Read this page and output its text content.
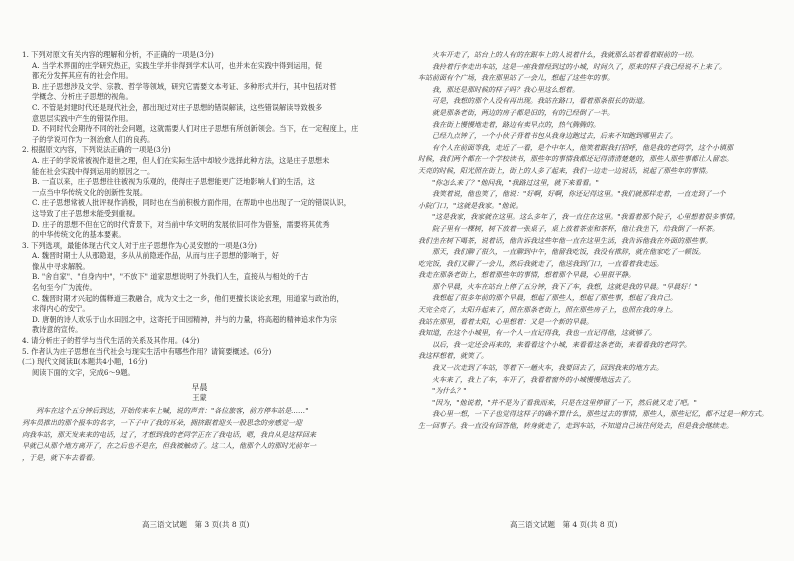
1. 下列对原文有关内容的理解和分析，不正确的一项是(3分)

A. 当学术界面的庄学研究热正，实践生学并非得到学术认可，也并未在实践中得到运用，促

都充分发挥其应有的社会作用。

B. 庄子思想涉及文学、宗教、哲学等领域，研究它需要文本考证、多种形式并行，其中包括对哲

学概念、分析庄子思想的视角。

C. 不管是封建时代还是现代社会，都出现过对庄子思想的错误解读，这些错误解读导致极多

意思层实践中产生的错误作用。

D. 不同时代会期待不同的社会问题，这就需要人们对庄子思想有所创新领会。当下，在一定程度上，庄

子的学说可作为一剂治愈人们的良药。

2. 根据原文内容，下列说法正确的一项是(3分)

A. 庄子的学说常被视作退世之理，但人们在实际生活中却较少选择此种方法，这是庄子思想未

能在社会实践中得到运用的原因之一。

B. 一直以来，庄子思想往往被视为乐观的，使得庄子思想能更广泛地影响人们的生活，这

一点当中华传统文化的创新性发展。

C. 庄子思想常被人批评视作消极，同时也在当前积极方面作用，在帮助中也出现了一定的错误认识，

这导致了庄子思想未能受到重视。

D. 庄子的思想不但在它的时代背景下，对当前中华文明的发展依旧可作为借鉴，需要将其优秀

的中华传统文化的基本要素。

3. 下列选项，最能体现古代文人对于庄子思想作为心灵安慰的一项是(3分)

A. 魏晋时期士人从那隐退，多从从前隐迹作品，从而与庄子思想的影响于，好

像从中寻求解脱。

B. "舍自家"、"自身内中"，"不放下" 道家思想说明了外我们人生，直接从与相处的千古

名句至今广为流传。

C. 魏晋时期才兴起的儒释道三教融合，成为文士之一乡，他们更擅长谈论玄理，用道家与政治的，

求得内心的安宁。

D. 唐朝的诗人欢乐于山水田园之中，这寄托于田园精神，并与的力量，将高超的精神追求作为宗

教诗意的宣传。

4. 请分析庄子的哲学与当代生活的关系及其作用。(4分)

5. 作者认为庄子思想在当代社会与现实生活中有哪些作用？请简要概述。(6分)

(二) 现代文阅读Ⅱ(本题共4小题，16分)

阅读下面的文字，完成6～9题。

早晨

王蒙

列车在这个五分钟后到达，开始传来车上喊，说的声音："各位旅客，前方停车站是……"

列车员推出的那个报车的名字，一下子中了我的耳朵，拥挤跟着迎头一股思念的旁感觉一迎

向我车站，那天发来来的电话，过了，才想到我的老同学正在了我电话，嗯，我自从是这样回来

早就已从那个地方离开了，在之后也不是在，但我被触动了。这二人，他那个人的那时光前年一

，于是，就下车去看看。

火车开走了，站台上的人有的在跟车上的人说着什么，我就那么站着看着眼前的一切。

我拎着行李走出车站，这是一座我曾经到过的小城，时间久了，原来的样子我已经说不上来了。

车站前面有个广场，我在那里站了一会儿，想起了这些年的事。

我，那还是那时候的样子吗？我心里这么想着。

可是，我想的那个人没有再出现。我站在路口，看着那条很长的街道。

就是那条老街，两边的房子都是旧的，有的已经倒了一半。

我在街上慢慢地走着，路边有卖早点的，热气腾腾的。

已经九点钟了，一个小伙子背着书包从我身边跑过去，后来不知跑到哪里去了。

有个人在前面等我，走近了一看，是个中年人，他笑着跟我打招呼，他是我的老同学，这个小镇那

时候，我们两个都在一个学校读书，那些年的事情我都还记得清清楚楚的，那些人那些事都让人留恋。

天亮的时候，阳光照在街上，街上的人多了起来，我们一边走一边说话，说起了那些年的事情。

"你怎么来了？"他问我，"我路过这里，就下来看看。"

我笑着说，他也笑了，他说："好啊，好啊，你还记得这里。"我们就那样走着，一直走到了一个

小院门口，"这就是我家。"他说。

"这是我家，我家就在这里。这么多年了，我一直住在这里。"我看着那个院子，心里想着很多事情。

院子里有一棵树，树下放着一张桌子，桌上放着茶壶和茶杯，他让我坐下，给我倒了一杯茶。

我们坐在树下喝茶，说着话，他告诉我这些年他一直在这里生活，我告诉他我在外面的那些事。

那天，我们聊了很久，一直聊到中午，他留我吃饭，我没有推辞，就在他家吃了一顿饭。

吃完饭，我们又聊了一会儿，然后我就走了，他送我到门口，一直看着我走远。

我走在那条老街上，想着那些年的事情，想着那个早晨，心里很平静。

那个早晨，火车在站台上停了五分钟，我下了车，我想，这就是我的早晨。"早晨好！"

我想起了很多年前的那个早晨，想起了那些人，想起了那些事，想起了我自己。

天完全亮了，太阳升起来了，照在那条老街上，照在那些房子上，也照在我的身上。

我站在那里，看着太阳，心里想着：又是一个新的早晨。

我知道，在这个小城里，有一个人一直记得我，我也一直记得他，这就够了。

以后，我一定还会再来的，来看看这个小城，来看看这条老街，来看看我的老同学。

我这样想着，就笑了。

我又一次走到了车站，等着下一趟火车，我要回去了，回到我来的地方去。

火车来了，我上了车，车开了，我看着窗外的小城慢慢地远去了。

"为什么？"

"因为，"他说着，"并不是为了看我而来，只是在这里停留了一下，然后就又走了吧。"

我心里一想，一下子也觉得这样子的确不算什么，那些过去的事情，那些人，那些记忆，都不过是一种方式。

生一回事子。我一直没有回答他，转身就走了，走到车站，不知道自己该往何处去，但是我会继续走。

高三语文试题　第 3 页(共 8 页)	高三语文试题　第 4 页(共 8 页)
